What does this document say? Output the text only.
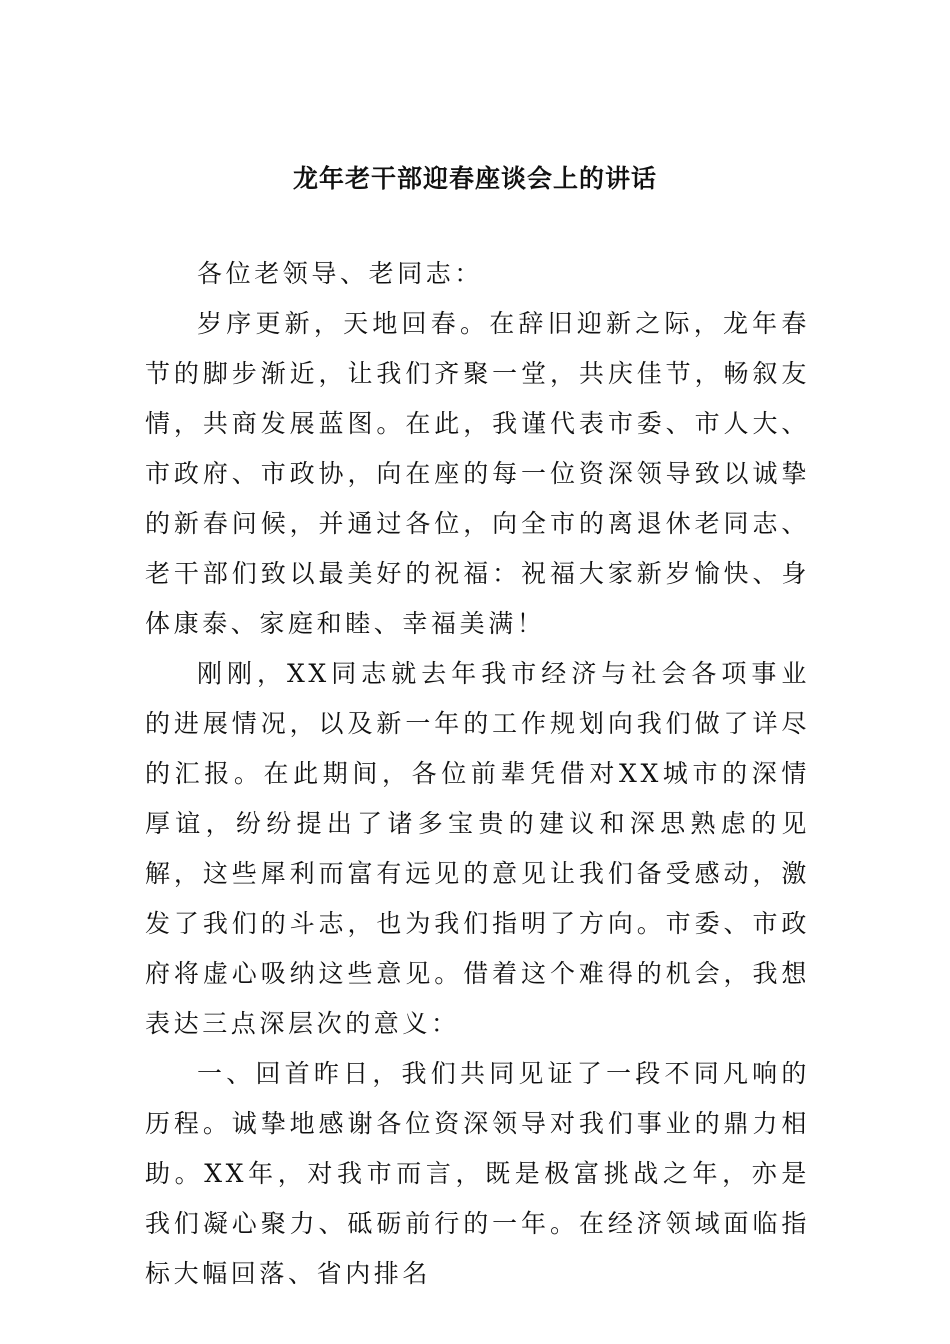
龙年老干部迎春座谈会上的讲话

各位老领导、老同志：

岁序更新，天地回春。在辞旧迎新之际，龙年春节的脚步渐近，让我们齐聚一堂，共庆佳节，畅叙友情，共商发展蓝图。在此，我谨代表市委、市人大、市政府、市政协，向在座的每一位资深领导致以诚挚的新春问候，并通过各位，向全市的离退休老同志、老干部们致以最美好的祝福：祝福大家新岁愉快、身体康泰、家庭和睦、幸福美满！

刚刚，XX同志就去年我市经济与社会各项事业的进展情况，以及新一年的工作规划向我们做了详尽的汇报。在此期间，各位前辈凭借对XX城市的深情厚谊，纷纷提出了诸多宝贵的建议和深思熟虑的见解，这些犀利而富有远见的意见让我们备受感动，激发了我们的斗志，也为我们指明了方向。市委、市政府将虚心吸纳这些意见。借着这个难得的机会，我想表达三点深层次的意义：

一、回首昨日，我们共同见证了一段不同凡响的历程。诚挚地感谢各位资深领导对我们事业的鼎力相助。XX年，对我市而言，既是极富挑战之年，亦是我们凝心聚力、砥砺前行的一年。在经济领域面临指标大幅回落、省内排名
